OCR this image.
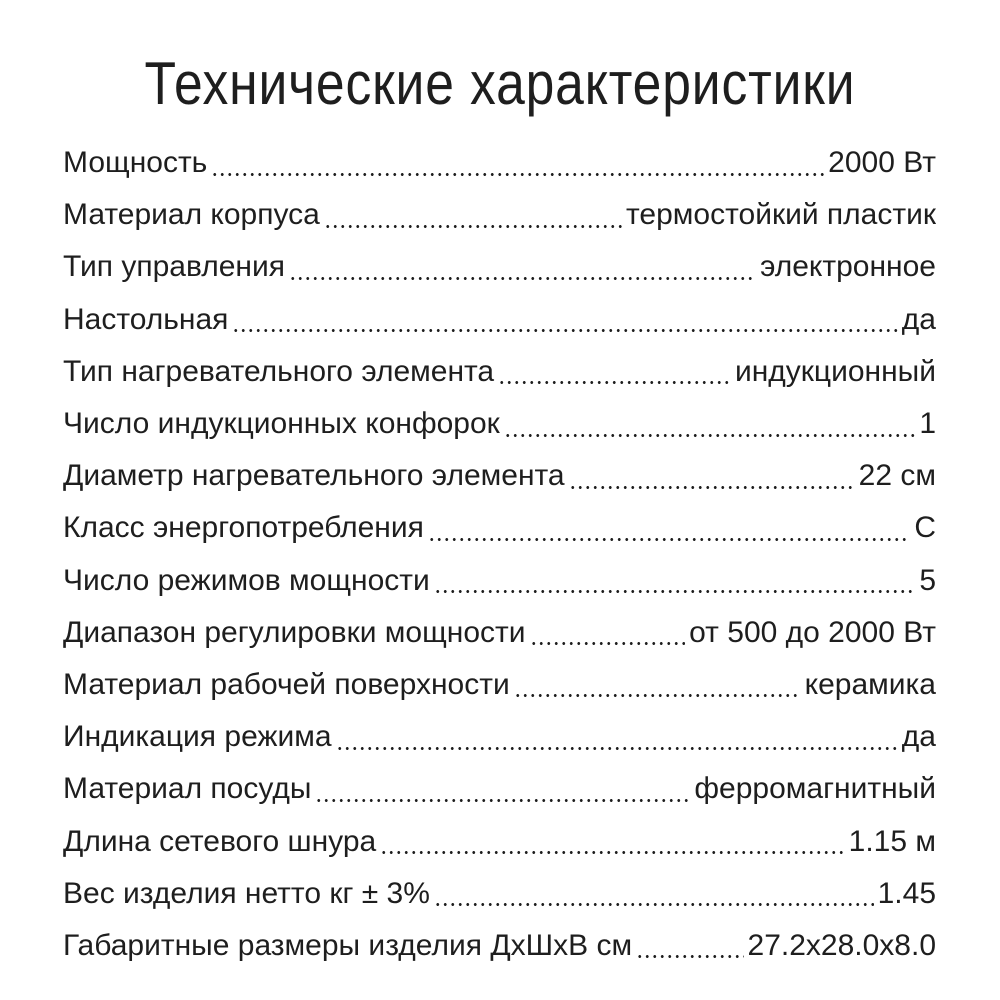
Технические характеристики
Мощность	2000 Вт
Материал корпуса	термостойкий пластик
Тип управления	электронное
Настольная	да
Тип нагревательного элемента	индукционный
Число индукционных конфорок	1
Диаметр нагревательного элемента	22 см
Класс энергопотребления	С
Число режимов мощности	5
Диапазон регулировки мощности	от 500 до 2000 Вт
Материал рабочей поверхности	керамика
Индикация режима	да
Материал посуды	ферромагнитный
Длина сетевого шнура	1.15 м
Вес изделия нетто кг ± 3%	1.45
Габаритные размеры изделия ДхШхВ см	27.2х28.0х8.0
